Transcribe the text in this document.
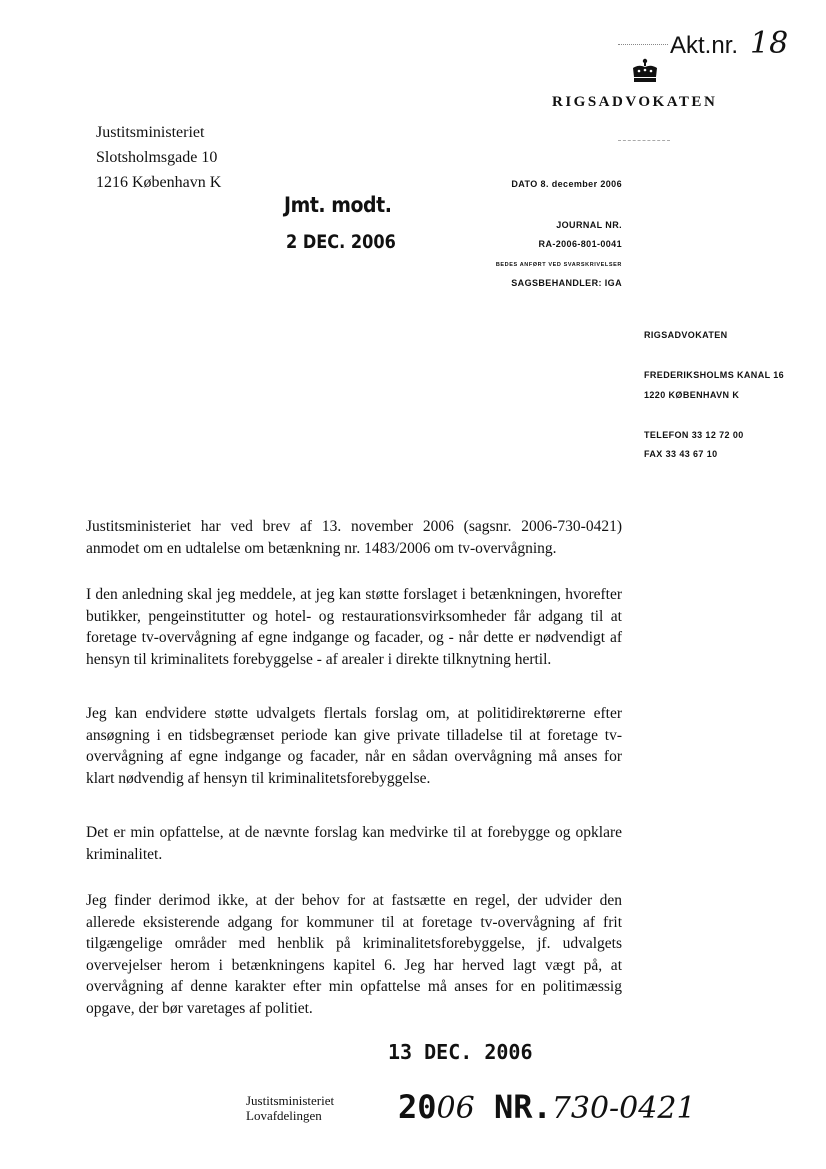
Akt.nr. 18
RIGSADVOKATEN
Justitsministeriet
Slotsholmsgade 10
1216 København K
Jmt. modt.
2 DEC. 2006
DATO 8. december 2006
JOURNAL NR.
RA-2006-801-0041
BEDES ANFØRT VED SVARSKRIVELSER
SAGSBEHANDLER: IGA
RIGSADVOKATEN
FREDERIKSHOLMS KANAL 16
1220 KØBENHAVN K
TELEFON 33 12 72 00
FAX 33 43 67 10
Justitsministeriet har ved brev af 13. november 2006 (sagsnr. 2006-730-0421) anmodet om en udtalelse om betænkning nr. 1483/2006 om tv-overvågning.
I den anledning skal jeg meddele, at jeg kan støtte forslaget i betænkningen, hvorefter butikker, pengeinstitutter og hotel- og restaurationsvirksomheder får adgang til at foretage tv-overvågning af egne indgange og facader, og - når dette er nødvendigt af hensyn til kriminalitets forebyggelse - af arealer i direkte tilknytning hertil.
Jeg kan endvidere støtte udvalgets flertals forslag om, at politidirektørerne efter ansøgning i en tidsbegrænset periode kan give private tilladelse til at foretage tv-overvågning af egne indgange og facader, når en sådan overvågning må anses for klart nødvendig af hensyn til kriminalitetsforebyggelse.
Det er min opfattelse, at de nævnte forslag kan medvirke til at forebygge og opklare kriminalitet.
Jeg finder derimod ikke, at der behov for at fastsætte en regel, der udvider den allerede eksisterende adgang for kommuner til at foretage tv-overvågning af frit tilgængelige områder med henblik på kriminalitetsforebyggelse, jf. udvalgets overvejelser herom i betænkningens kapitel 6. Jeg har herved lagt vægt på, at overvågning af denne karakter efter min opfattelse må anses for en politimæssig opgave, der bør varetages af politiet.
13 DEC. 2006
Justitsministeriet
Lovafdelingen 2006 NR.730-0421
